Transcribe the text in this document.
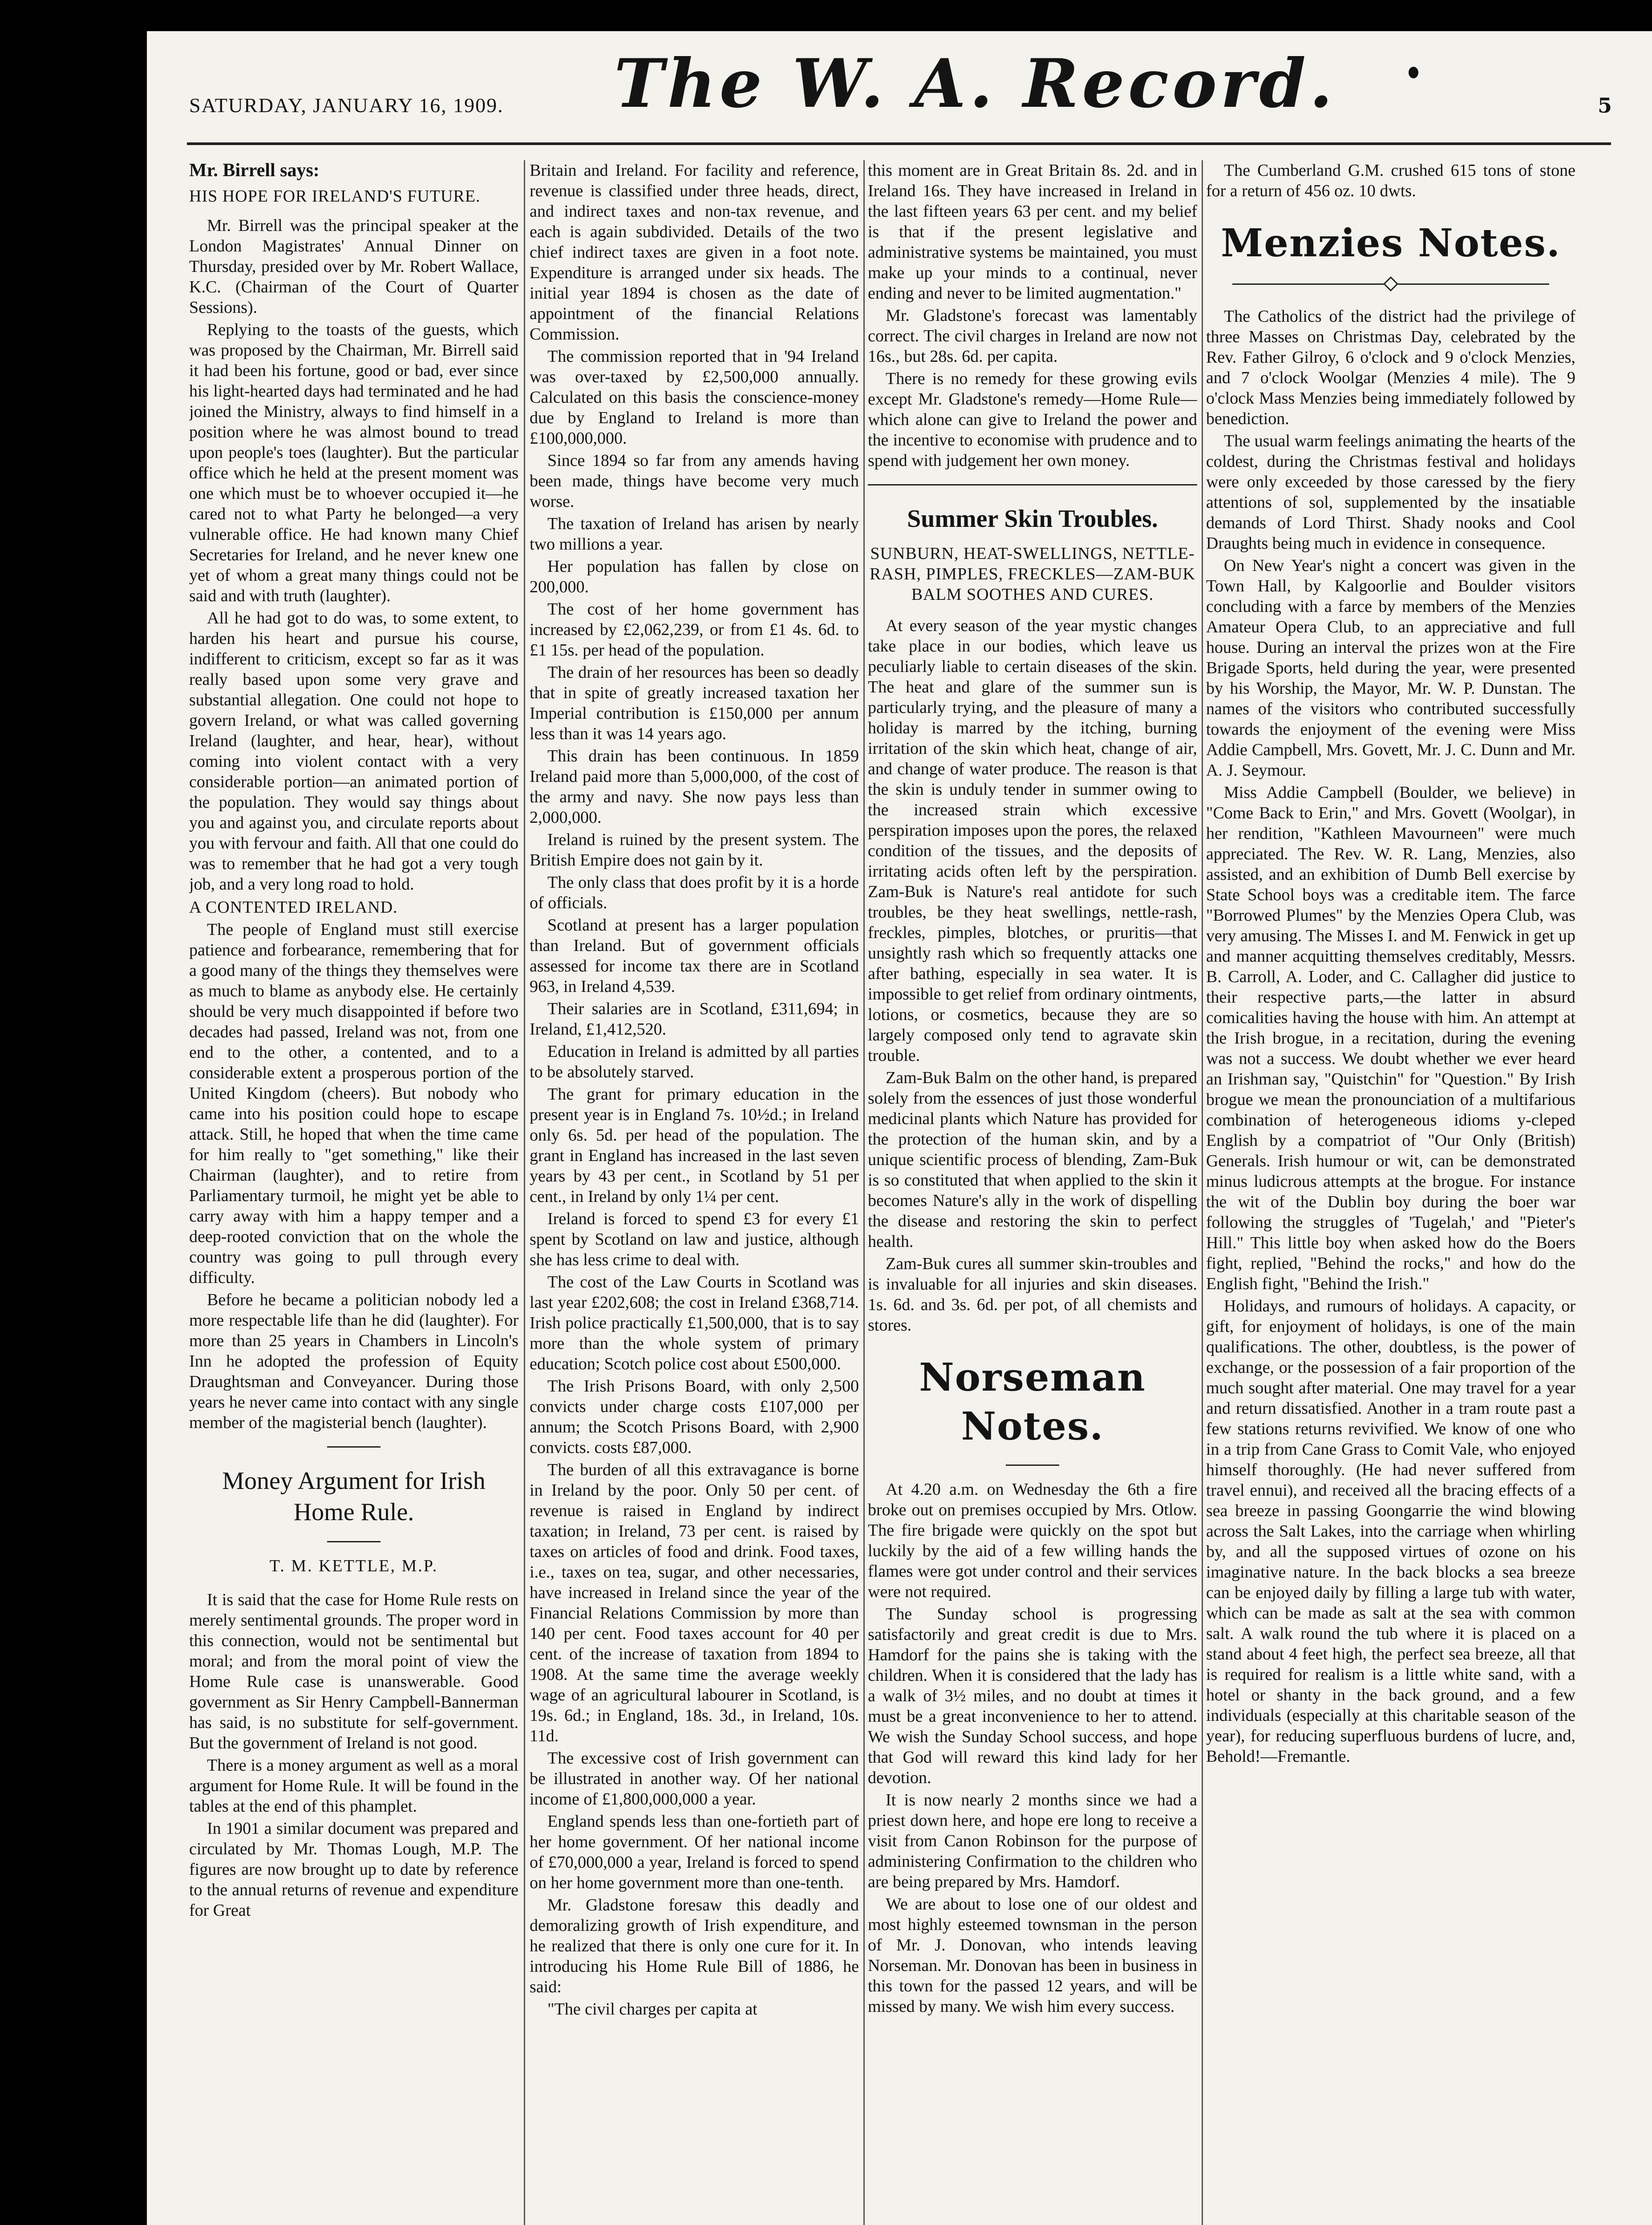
SATURDAY, JANUARY 16, 1909. The W. A. Record.	5

Mr. Birrell says:

HIS HOPE FOR IRELAND'S FUTURE.

Mr. Birrell was the principal speaker at the London Magistrates' Annual Dinner on Thursday, presided over by Mr. Robert Wallace, K.C. (Chairman of the Court of Quarter Sessions).

Replying to the toasts of the guests, which was proposed by the Chairman, Mr. Birrell said it had been his fortune, good or bad, ever since his light-hearted days had terminated and he had joined the Ministry, always to find himself in a position where he was almost bound to tread upon people's toes (laughter). But the particular office which he held at the present moment was one which must be to whoever occupied it—he cared not to what Party he belonged—a very vulnerable office. He had known many Chief Secretaries for Ireland, and he never knew one yet of whom a great many things could not be said and with truth (laughter).

All he had got to do was, to some extent, to harden his heart and pursue his course, indifferent to criticism, except so far as it was really based upon some very grave and substantial allegation. One could not hope to govern Ireland, or what was called governing Ireland (laughter, and hear, hear), without coming into violent contact with a very considerable portion—an animated portion of the population. They would say things about you and against you, and circulate reports about you with fervour and faith. All that one could do was to remember that he had got a very tough job, and a very long road to hold.

A CONTENTED IRELAND.

The people of England must still exercise patience and forbearance, remembering that for a good many of the things they themselves were as much to blame as anybody else. He certainly should be very much disappointed if before two decades had passed, Ireland was not, from one end to the other, a contented, and to a considerable extent a prosperous portion of the United Kingdom (cheers). But nobody who came into his position could hope to escape attack. Still, he hoped that when the time came for him really to "get something," like their Chairman (laughter), and to retire from Parliamentary turmoil, he might yet be able to carry away with him a happy temper and a deep-rooted conviction that on the whole the country was going to pull through every difficulty.

Before he became a politician nobody led a more respectable life than he did (laughter). For more than 25 years in Chambers in Lincoln's Inn he adopted the profession of Equity Draughtsman and Conveyancer. During those years he never came into contact with any single member of the magisterial bench (laughter).

Money Argument for Irish Home Rule.

T. M. KETTLE, M.P.

It is said that the case for Home Rule rests on merely sentimental grounds. The proper word in this connection, would not be sentimental but moral; and from the moral point of view the Home Rule case is unanswerable. Good government as Sir Henry Campbell-Bannerman has said, is no substitute for self-government. But the government of Ireland is not good.

There is a money argument as well as a moral argument for Home Rule. It will be found in the tables at the end of this phamplet.

In 1901 a similar document was prepared and circulated by Mr. Thomas Lough, M.P. The figures are now brought up to date by reference to the annual returns of revenue and expenditure for Great

Britain and Ireland. For facility and reference, revenue is classified under three heads, direct, and indirect taxes and non-tax revenue, and each is again subdivided. Details of the two chief indirect taxes are given in a foot note. Expenditure is arranged under six heads. The initial year 1894 is chosen as the date of appointment of the financial Relations Commission.

The commission reported that in '94 Ireland was over-taxed by £2,500,000 annually. Calculated on this basis the conscience-money due by England to Ireland is more than £100,000,000.

Since 1894 so far from any amends having been made, things have become very much worse.

The taxation of Ireland has arisen by nearly two millions a year.

Her population has fallen by close on 200,000.

The cost of her home government has increased by £2,062,239, or from £1 4s. 6d. to £1 15s. per head of the population.

The drain of her resources has been so deadly that in spite of greatly increased taxation her Imperial contribution is £150,000 per annum less than it was 14 years ago.

This drain has been continuous. In 1859 Ireland paid more than 5,000,000, of the cost of the army and navy. She now pays less than 2,000,000.

Ireland is ruined by the present system. The British Empire does not gain by it.

The only class that does profit by it is a horde of officials.

Scotland at present has a larger population than Ireland. But of government officials assessed for income tax there are in Scotland 963, in Ireland 4,539.

Their salaries are in Scotland, £311,694; in Ireland, £1,412,520.

Education in Ireland is admitted by all parties to be absolutely starved.

The grant for primary education in the present year is in England 7s. 10½d.; in Ireland only 6s. 5d. per head of the population. The grant in England has increased in the last seven years by 43 per cent., in Scotland by 51 per cent., in Ireland by only 1¼ per cent.

Ireland is forced to spend £3 for every £1 spent by Scotland on law and justice, although she has less crime to deal with.

The cost of the Law Courts in Scotland was last year £202,608; the cost in Ireland £368,714. Irish police practically £1,500,000, that is to say more than the whole system of primary education; Scotch police cost about £500,000.

The Irish Prisons Board, with only 2,500 convicts under charge costs £107,000 per annum; the Scotch Prisons Board, with 2,900 convicts. costs £87,000.

The burden of all this extravagance is borne in Ireland by the poor. Only 50 per cent. of revenue is raised in England by indirect taxation; in Ireland, 73 per cent. is raised by taxes on articles of food and drink. Food taxes, i.e., taxes on tea, sugar, and other necessaries, have increased in Ireland since the year of the Financial Relations Commission by more than 140 per cent. Food taxes account for 40 per cent. of the increase of taxation from 1894 to 1908. At the same time the average weekly wage of an agricultural labourer in Scotland, is 19s. 6d.; in England, 18s. 3d., in Ireland, 10s. 11d.

The excessive cost of Irish government can be illustrated in another way. Of her national income of £1,800,000,000 a year.

England spends less than one-fortieth part of her home government. Of her national income of £70,000,000 a year, Ireland is forced to spend on her home government more than one-tenth.

Mr. Gladstone foresaw this deadly and demoralizing growth of Irish expenditure, and he realized that there is only one cure for it. In introducing his Home Rule Bill of 1886, he said:

"The civil charges per capita at

this moment are in Great Britain 8s. 2d. and in Ireland 16s. They have increased in Ireland in the last fifteen years 63 per cent. and my belief is that if the present legislative and administrative systems be maintained, you must make up your minds to a continual, never ending and never to be limited augmentation."

Mr. Gladstone's forecast was lamentably correct. The civil charges in Ireland are now not 16s., but 28s. 6d. per capita.

There is no remedy for these growing evils except Mr. Gladstone's remedy—Home Rule—which alone can give to Ireland the power and the incentive to economise with prudence and to spend with judgement her own money.

Summer Skin Troubles.

SUNBURN, HEAT-SWELLINGS, NETTLE-RASH, PIMPLES, FRECKLES—ZAM-BUK BALM SOOTHES AND CURES.

At every season of the year mystic changes take place in our bodies, which leave us peculiarly liable to certain diseases of the skin. The heat and glare of the summer sun is particularly trying, and the pleasure of many a holiday is marred by the itching, burning irritation of the skin which heat, change of air, and change of water produce. The reason is that the skin is unduly tender in summer owing to the increased strain which excessive perspiration imposes upon the pores, the relaxed condition of the tissues, and the deposits of irritating acids often left by the perspiration. Zam-Buk is Nature's real antidote for such troubles, be they heat swellings, nettle-rash, freckles, pimples, blotches, or pruritis—that unsightly rash which so frequently attacks one after bathing, especially in sea water. It is impossible to get relief from ordinary ointments, lotions, or cosmetics, because they are so largely composed only tend to agravate skin trouble.

Zam-Buk Balm on the other hand, is prepared solely from the essences of just those wonderful medicinal plants which Nature has provided for the protection of the human skin, and by a unique scientific process of blending, Zam-Buk is so constituted that when applied to the skin it becomes Nature's ally in the work of dispelling the disease and restoring the skin to perfect health.

Zam-Buk cures all summer skin-troubles and is invaluable for all injuries and skin diseases. 1s. 6d. and 3s. 6d. per pot, of all chemists and stores.

Norseman Notes.

At 4.20 a.m. on Wednesday the 6th a fire broke out on premises occupied by Mrs. Otlow. The fire brigade were quickly on the spot but luckily by the aid of a few willing hands the flames were got under control and their services were not required.

The Sunday school is progressing satisfactorily and great credit is due to Mrs. Hamdorf for the pains she is taking with the children. When it is considered that the lady has a walk of 3½ miles, and no doubt at times it must be a great inconvenience to her to attend. We wish the Sunday School success, and hope that God will reward this kind lady for her devotion.

It is now nearly 2 months since we had a priest down here, and hope ere long to receive a visit from Canon Robinson for the purpose of administering Confirmation to the children who are being prepared by Mrs. Hamdorf.

We are about to lose one of our oldest and most highly esteemed townsman in the person of Mr. J. Donovan, who intends leaving Norseman. Mr. Donovan has been in business in this town for the passed 12 years, and will be missed by many. We wish him every success.

The Cumberland G.M. crushed 615 tons of stone for a return of 456 oz. 10 dwts.

Menzies Notes.

The Catholics of the district had the privilege of three Masses on Christmas Day, celebrated by the Rev. Father Gilroy, 6 o'clock and 9 o'clock Menzies, and 7 o'clock Woolgar (Menzies 4 mile). The 9 o'clock Mass Menzies being immediately followed by benediction.

The usual warm feelings animating the hearts of the coldest, during the Christmas festival and holidays were only exceeded by those caressed by the fiery attentions of sol, supplemented by the insatiable demands of Lord Thirst. Shady nooks and Cool Draughts being much in evidence in consequence.

On New Year's night a concert was given in the Town Hall, by Kalgoorlie and Boulder visitors concluding with a farce by members of the Menzies Amateur Opera Club, to an appreciative and full house. During an interval the prizes won at the Fire Brigade Sports, held during the year, were presented by his Worship, the Mayor, Mr. W. P. Dunstan. The names of the visitors who contributed successfully towards the enjoyment of the evening were Miss Addie Campbell, Mrs. Govett, Mr. J. C. Dunn and Mr. A. J. Seymour.

Miss Addie Campbell (Boulder, we believe) in "Come Back to Erin," and Mrs. Govett (Woolgar), in her rendition, "Kathleen Mavourneen" were much appreciated. The Rev. W. R. Lang, Menzies, also assisted, and an exhibition of Dumb Bell exercise by State School boys was a creditable item. The farce "Borrowed Plumes" by the Menzies Opera Club, was very amusing. The Misses I. and M. Fenwick in get up and manner acquitting themselves creditably, Messrs. B. Carroll, A. Loder, and C. Callagher did justice to their respective parts,—the latter in absurd comicalities having the house with him. An attempt at the Irish brogue, in a recitation, during the evening was not a success. We doubt whether we ever heard an Irishman say, "Quistchin" for "Question." By Irish brogue we mean the pronounciation of a multifarious combination of heterogeneous idioms y-cleped English by a compatriot of "Our Only (British) Generals. Irish humour or wit, can be demonstrated minus ludicrous attempts at the brogue. For instance the wit of the Dublin boy during the boer war following the struggles of 'Tugelah,' and "Pieter's Hill." This little boy when asked how do the Boers fight, replied, "Behind the rocks," and how do the English fight, "Behind the Irish."

Holidays, and rumours of holidays. A capacity, or gift, for enjoyment of holidays, is one of the main qualifications. The other, doubtless, is the power of exchange, or the possession of a fair proportion of the much sought after material. One may travel for a year and return dissatisfied. Another in a tram route past a few stations returns revivified. We know of one who in a trip from Cane Grass to Comit Vale, who enjoyed himself thoroughly. (He had never suffered from travel ennui), and received all the bracing effects of a sea breeze in passing Goongarrie the wind blowing across the Salt Lakes, into the carriage when whirling by, and all the supposed virtues of ozone on his imaginative nature. In the back blocks a sea breeze can be enjoyed daily by filling a large tub with water, which can be made as salt at the sea with common salt. A walk round the tub where it is placed on a stand about 4 feet high, the perfect sea breeze, all that is required for realism is a little white sand, with a hotel or shanty in the back ground, and a few individuals (especially at this charitable season of the year), for reducing superfluous burdens of lucre, and, Behold!—Fremantle.
